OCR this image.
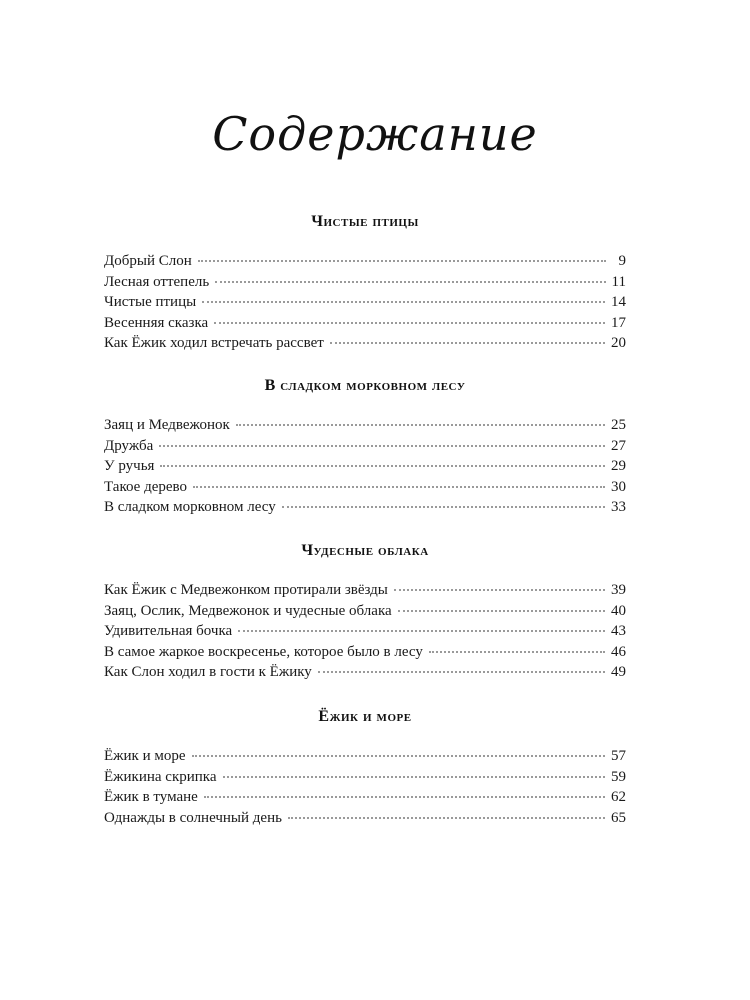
Содержание
Чистые птицы
Добрый Слон	9
Лесная оттепель	11
Чистые птицы	14
Весенняя сказка	17
Как Ёжик ходил встречать рассвет	20
В сладком морковном лесу
Заяц и Медвежонок	25
Дружба	27
У ручья	29
Такое дерево	30
В сладком морковном лесу	33
Чудесные облака
Как Ёжик с Медвежонком протирали звёзды	39
Заяц, Ослик, Медвежонок и чудесные облака	40
Удивительная бочка	43
В самое жаркое воскресенье, которое было в лесу	46
Как Слон ходил в гости к Ёжику	49
Ёжик и море
Ёжик и море	57
Ёжикина скрипка	59
Ёжик в тумане	62
Однажды в солнечный день	65
